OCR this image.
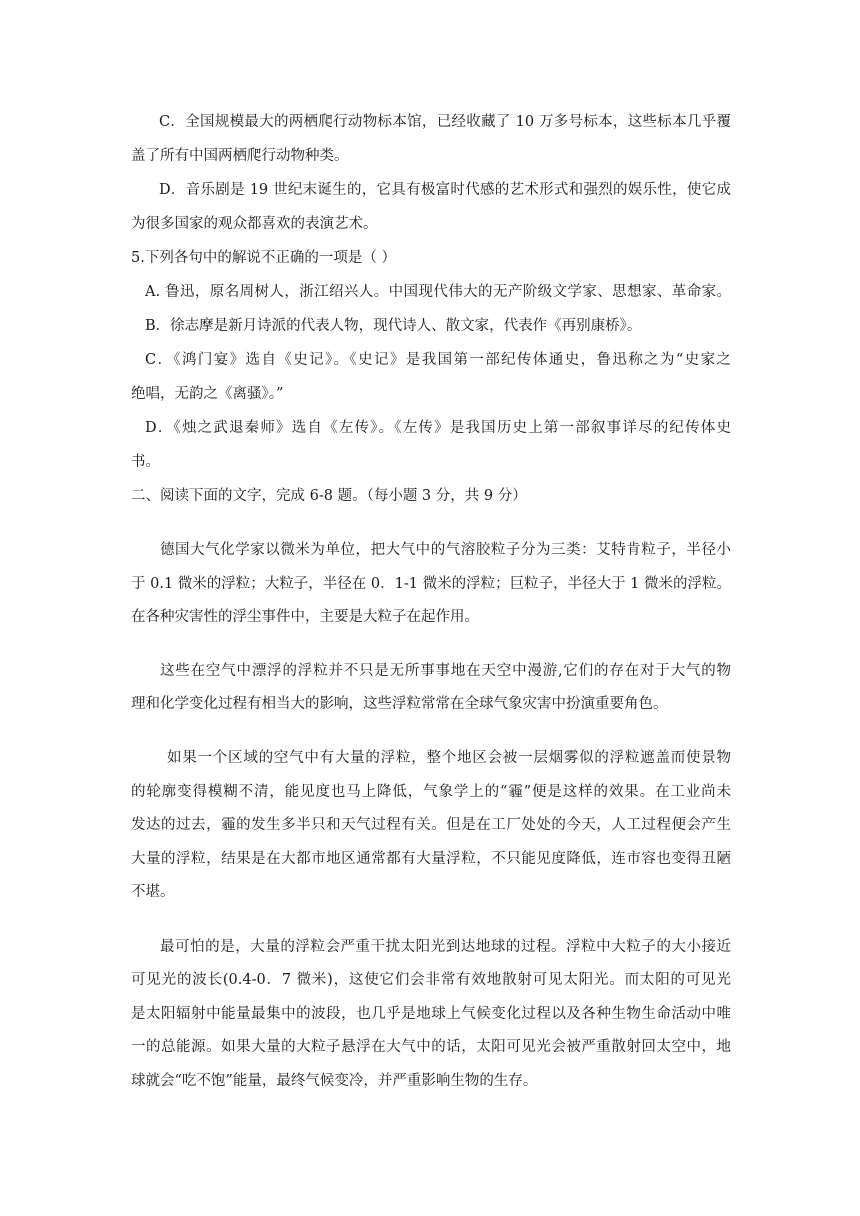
C．全国规模最大的两栖爬行动物标本馆，已经收藏了 10 万多号标本，这些标本几乎覆
盖了所有中国两栖爬行动物种类。
D．音乐剧是 19 世纪末诞生的，它具有极富时代感的艺术形式和强烈的娱乐性，使它成
为很多国家的观众都喜欢的表演艺术。
5.下列各句中的解说不正确的一项是（ ）
A. 鲁迅，原名周树人，浙江绍兴人。中国现代伟大的无产阶级文学家、思想家、革命家。
B．徐志摩是新月诗派的代表人物，现代诗人、散文家，代表作《再别康桥》。
C．《鸿门宴》选自《史记》。《史记》是我国第一部纪传体通史，鲁迅称之为“史家之
绝唱，无韵之《离骚》。”
D．《烛之武退秦师》选自《左传》。《左传》是我国历史上第一部叙事详尽的纪传体史
书。
二、阅读下面的文字，完成 6-8 题。（每小题 3 分，共 9 分）
德国大气化学家以微米为单位，把大气中的气溶胶粒子分为三类：艾特肯粒子，半径小
于 0.1 微米的浮粒；大粒子，半径在 0．1-1 微米的浮粒；巨粒子，半径大于 1 微米的浮粒。
在各种灾害性的浮尘事件中，主要是大粒子在起作用。
这些在空气中漂浮的浮粒并不只是无所事事地在天空中漫游,它们的存在对于大气的物
理和化学变化过程有相当大的影响，这些浮粒常常在全球气象灾害中扮演重要角色。
如果一个区域的空气中有大量的浮粒，整个地区会被一层烟雾似的浮粒遮盖而使景物
的轮廓变得模糊不清，能见度也马上降低，气象学上的“霾”便是这样的效果。在工业尚未
发达的过去，霾的发生多半只和天气过程有关。但是在工厂处处的今天，人工过程便会产生
大量的浮粒，结果是在大都市地区通常都有大量浮粒，不只能见度降低，连市容也变得丑陋
不堪。
最可怕的是，大量的浮粒会严重干扰太阳光到达地球的过程。浮粒中大粒子的大小接近
可见光的波长(0.4-0．7 微米)，这使它们会非常有效地散射可见太阳光。而太阳的可见光
是太阳辐射中能量最集中的波段，也几乎是地球上气候变化过程以及各种生物生命活动中唯
一的总能源。如果大量的大粒子悬浮在大气中的话，太阳可见光会被严重散射回太空中，地
球就会“吃不饱”能量，最终气候变冷，并严重影响生物的生存。
